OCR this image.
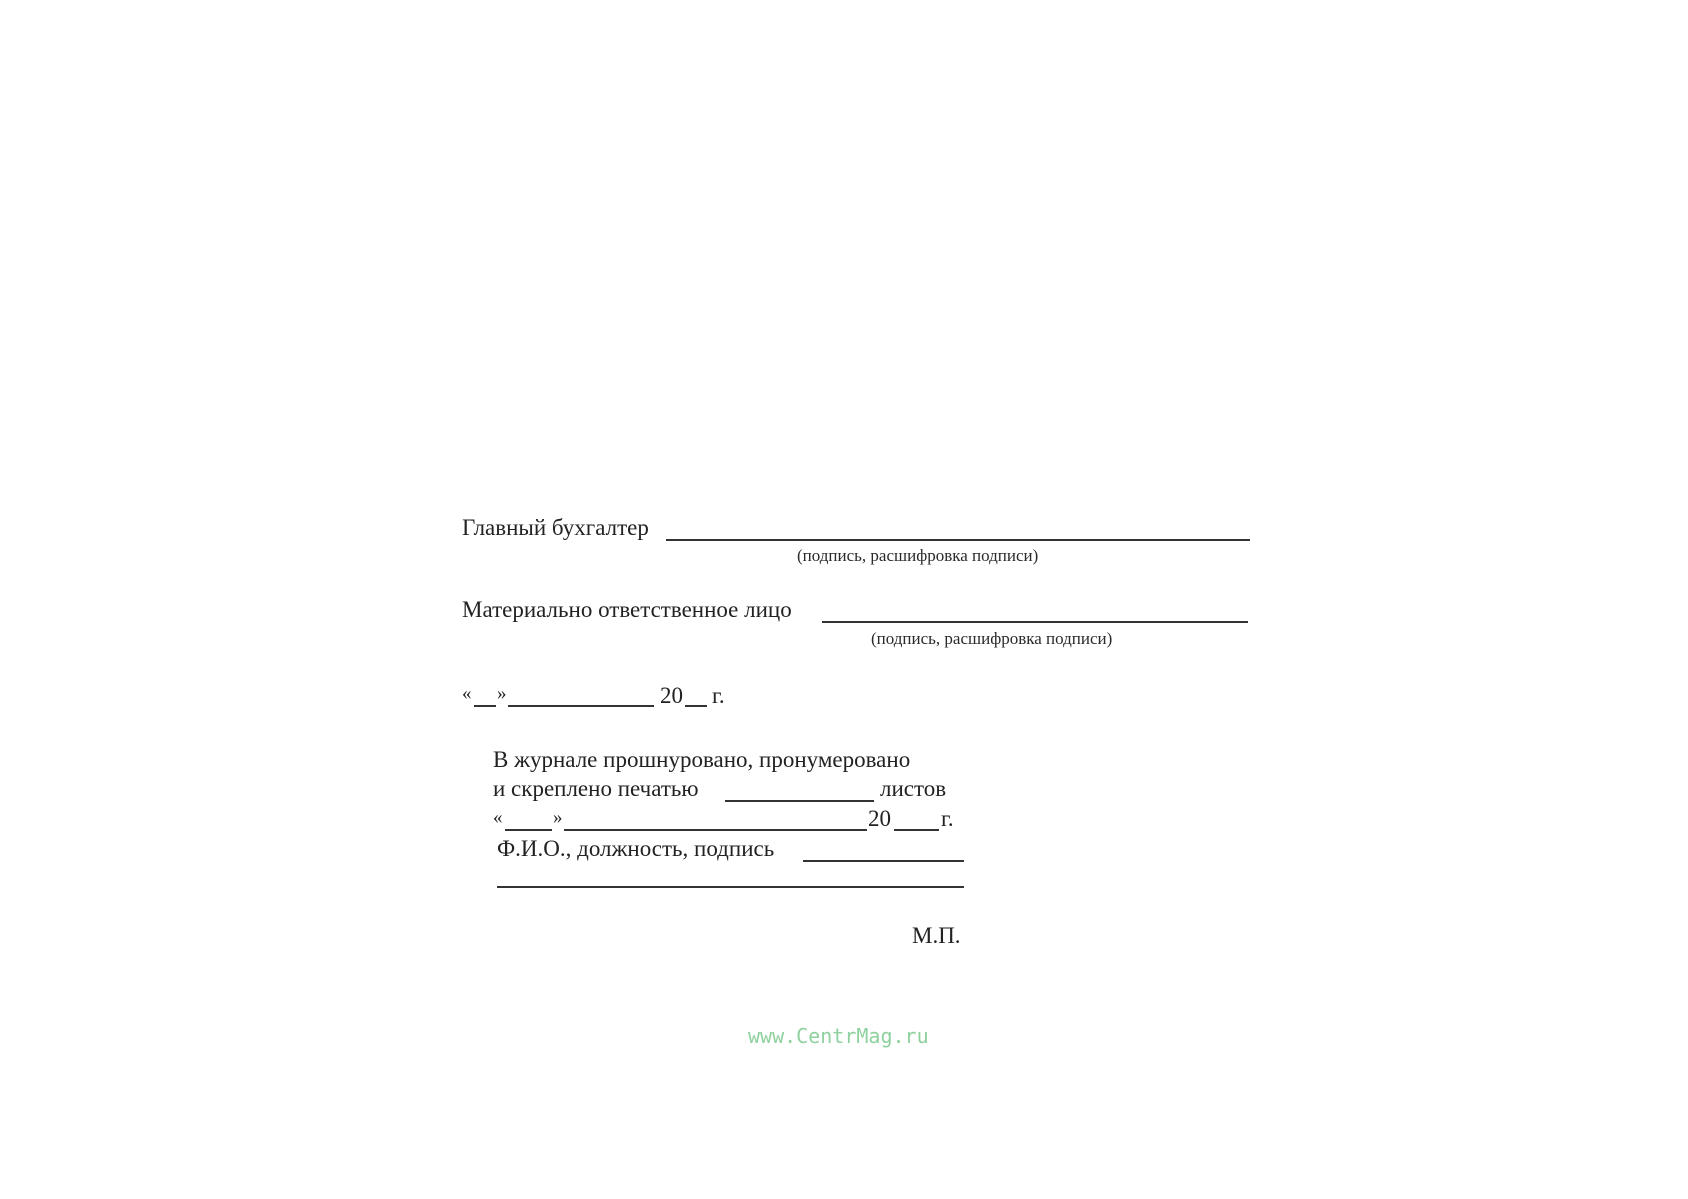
Главный бухгалтер
(подпись, расшифровка подписи)
Материально ответственное лицо
(подпись, расшифровка подписи)
« »	20 г.
В журнале прошнуровано, пронумеровано
и скреплено печатью	листов
«	»	20 г.
Ф.И.О., должность, подпись
М.П.
www.CentrMag.ru
